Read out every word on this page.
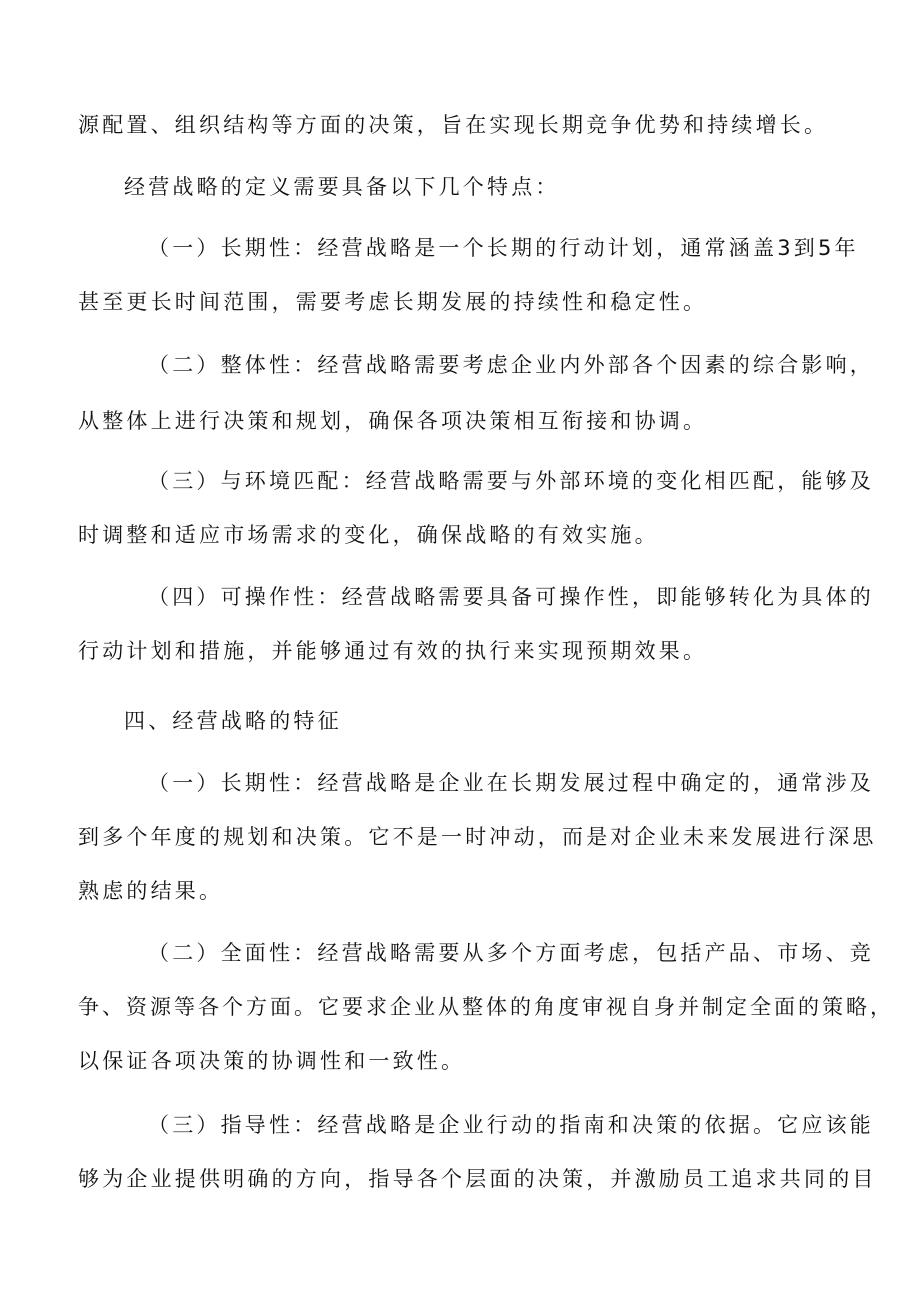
源配置、组织结构等方面的决策，旨在实现长期竞争优势和持续增长。
经营战略的定义需要具备以下几个特点：
（一）长期性：经营战略是一个长期的行动计划，通常涵盖3到5年
甚至更长时间范围，需要考虑长期发展的持续性和稳定性。
（二）整体性：经营战略需要考虑企业内外部各个因素的综合影响，
从整体上进行决策和规划，确保各项决策相互衔接和协调。
（三）与环境匹配：经营战略需要与外部环境的变化相匹配，能够及
时调整和适应市场需求的变化，确保战略的有效实施。
（四）可操作性：经营战略需要具备可操作性，即能够转化为具体的
行动计划和措施，并能够通过有效的执行来实现预期效果。
四、经营战略的特征
（一）长期性：经营战略是企业在长期发展过程中确定的，通常涉及
到多个年度的规划和决策。它不是一时冲动，而是对企业未来发展进行深思
熟虑的结果。
（二）全面性：经营战略需要从多个方面考虑，包括产品、市场、竞
争、资源等各个方面。它要求企业从整体的角度审视自身并制定全面的策略，
以保证各项决策的协调性和一致性。
（三）指导性：经营战略是企业行动的指南和决策的依据。它应该能
够为企业提供明确的方向，指导各个层面的决策，并激励员工追求共同的目
